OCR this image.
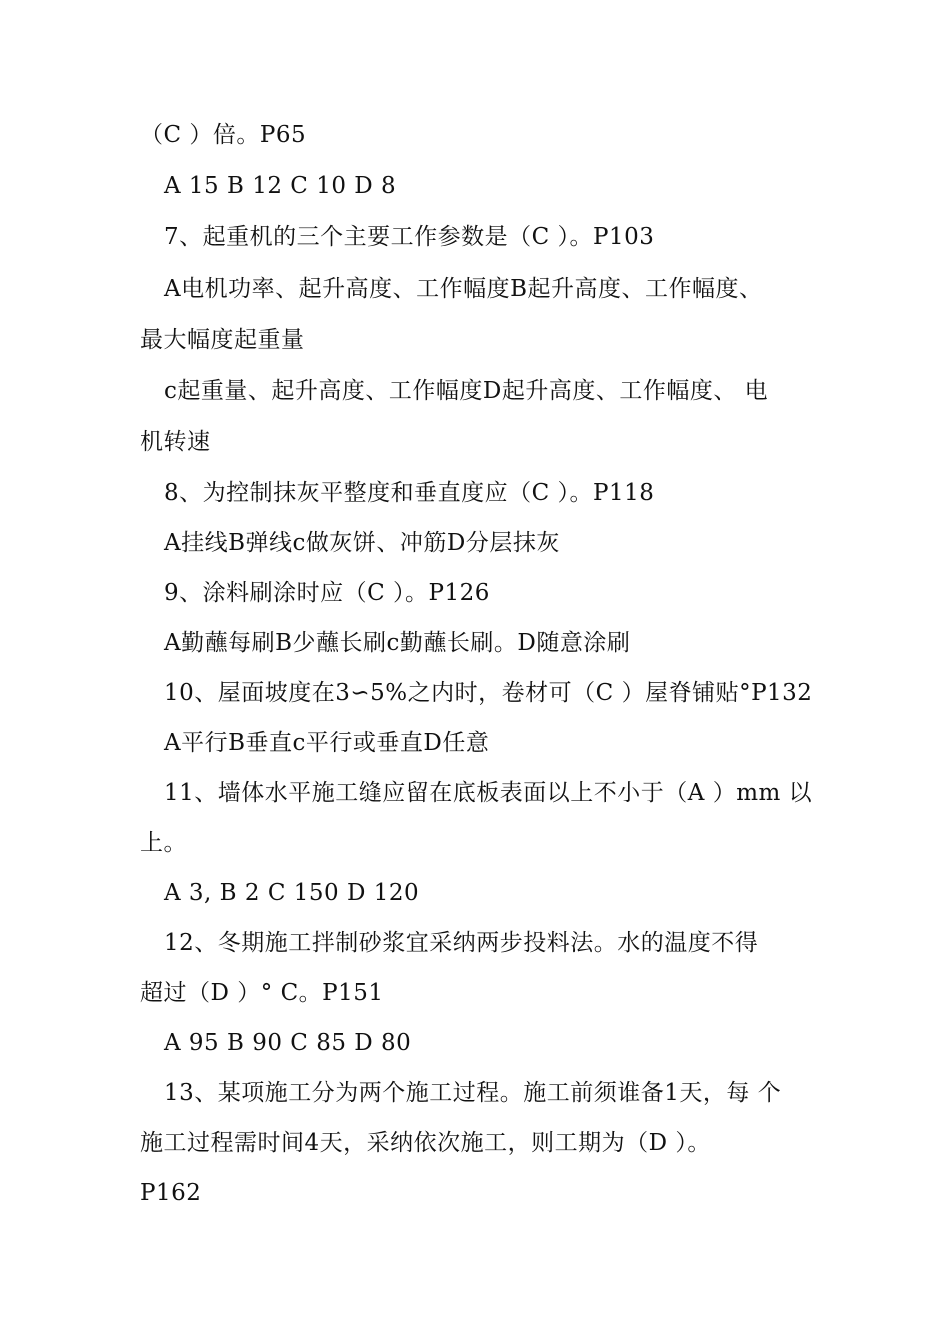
（C ）倍。P65
A 15 B 12 C 10 D 8
7、起重机的三个主要工作参数是（C ）。P103
A电机功率、起升高度、工作幅度B起升高度、工作幅度、
最大幅度起重量
c起重量、起升高度、工作幅度D起升高度、工作幅度、 电
机转速
8、为控制抹灰平整度和垂直度应（C ）。P118
A挂线B弹线c做灰饼、冲筋D分层抹灰
9、涂料刷涂时应（C ）。P126
A勤蘸每刷B少蘸长刷c勤蘸长刷。D随意涂刷
10、屋面坡度在3∽5%之内时，卷材可（C ）屋脊铺贴°P132
A平行B垂直c平行或垂直D任意
11、墙体水平施工缝应留在底板表面以上不小于（A ）mm 以
上。
A 3, B 2 C 150 D 120
12、冬期施工拌制砂浆宜采纳两步投料法。水的温度不得
超过（D ）° C。P151
A 95 B 90 C 85 D 80
13、某项施工分为两个施工过程。施工前须谁备1天，每 个
施工过程需时间4天，采纳依次施工，则工期为（D ）。
P162
